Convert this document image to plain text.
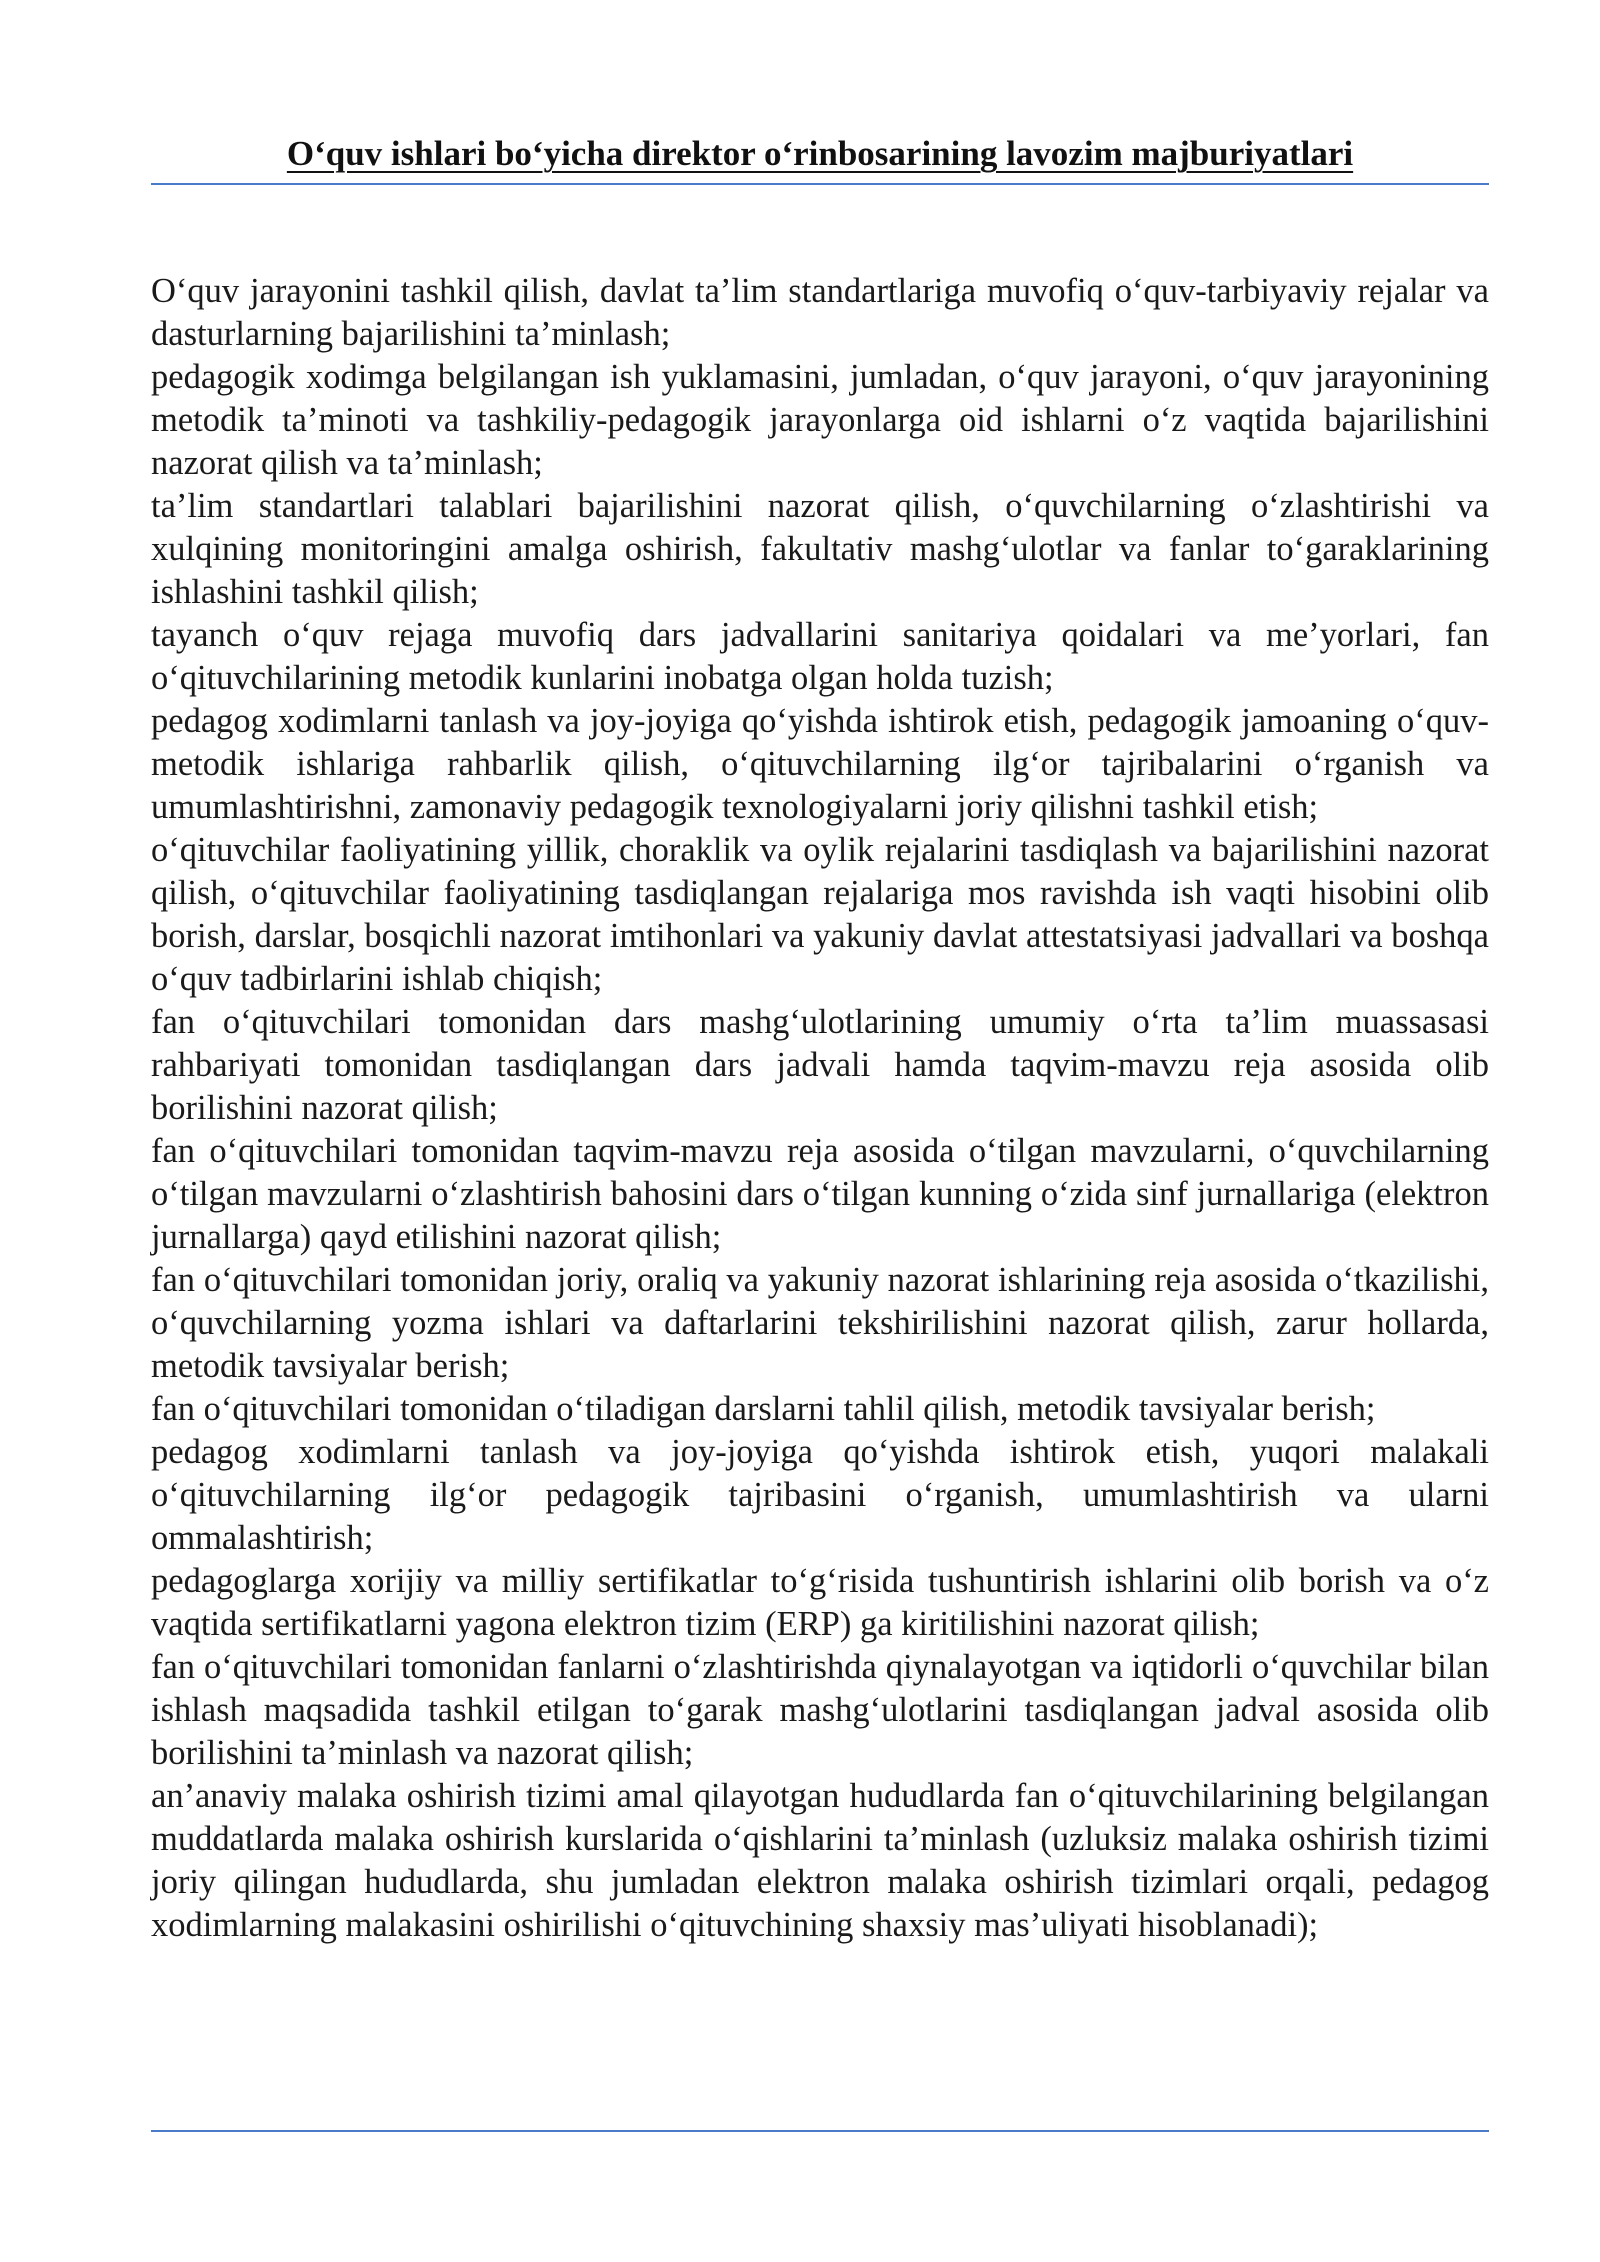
O‘quv ishlari bo‘yicha direktor o‘rinbosarining lavozim majburiyatlari

O‘quv jarayonini tashkil qilish, davlat ta’lim standartlariga muvofiq o‘quv-tarbiyaviy rejalar va dasturlarning bajarilishini ta’minlash;

pedagogik xodimga belgilangan ish yuklamasini, jumladan, o‘quv jarayoni, o‘quv jarayonining metodik ta’minoti va tashkiliy-pedagogik jarayonlarga oid ishlarni o‘z vaqtida bajarilishini nazorat qilish va ta’minlash;

ta’lim standartlari talablari bajarilishini nazorat qilish, o‘quvchilarning o‘zlashtirishi va xulqining monitoringini amalga oshirish, fakultativ mashg‘ulotlar va fanlar to‘garaklarining ishlashini tashkil qilish;

tayanch o‘quv rejaga muvofiq dars jadvallarini sanitariya qoidalari va me’yorlari, fan o‘qituvchilarining metodik kunlarini inobatga olgan holda tuzish;

pedagog xodimlarni tanlash va joy-joyiga qo‘yishda ishtirok etish, pedagogik jamoaning o‘quv-metodik ishlariga rahbarlik qilish, o‘qituvchilarning ilg‘or tajribalarini o‘rganish va umumlashtirishni, zamonaviy pedagogik texnologiyalarni joriy qilishni tashkil etish;

o‘qituvchilar faoliyatining yillik, choraklik va oylik rejalarini tasdiqlash va bajarilishini nazorat qilish, o‘qituvchilar faoliyatining tasdiqlangan rejalariga mos ravishda ish vaqti hisobini olib borish, darslar, bosqichli nazorat imtihonlari va yakuniy davlat attestatsiyasi jadvallari va boshqa o‘quv tadbirlarini ishlab chiqish;

fan o‘qituvchilari tomonidan dars mashg‘ulotlarining umumiy o‘rta ta’lim muassasasi rahbariyati tomonidan tasdiqlangan dars jadvali hamda taqvim-mavzu reja asosida olib borilishini nazorat qilish;

fan o‘qituvchilari tomonidan taqvim-mavzu reja asosida o‘tilgan mavzularni, o‘quvchilarning o‘tilgan mavzularni o‘zlashtirish bahosini dars o‘tilgan kunning o‘zida sinf jurnallariga (elektron jurnallarga) qayd etilishini nazorat qilish;

fan o‘qituvchilari tomonidan joriy, oraliq va yakuniy nazorat ishlarining reja asosida o‘tkazilishi, o‘quvchilarning yozma ishlari va daftarlarini tekshirilishini nazorat qilish, zarur hollarda, metodik tavsiyalar berish;

fan o‘qituvchilari tomonidan o‘tiladigan darslarni tahlil qilish, metodik tavsiyalar berish;

pedagog xodimlarni tanlash va joy-joyiga qo‘yishda ishtirok etish, yuqori malakali o‘qituvchilarning ilg‘or pedagogik tajribasini o‘rganish, umumlashtirish va ularni ommalashtirish;

pedagoglarga xorijiy va milliy sertifikatlar to‘g‘risida tushuntirish ishlarini olib borish va o‘z vaqtida sertifikatlarni yagona elektron tizim (ERP) ga kiritilishini nazorat qilish;

fan o‘qituvchilari tomonidan fanlarni o‘zlashtirishda qiynalayotgan va iqtidorli o‘quvchilar bilan ishlash maqsadida tashkil etilgan to‘garak mashg‘ulotlarini tasdiqlangan jadval asosida olib borilishini ta’minlash va nazorat qilish;

an’anaviy malaka oshirish tizimi amal qilayotgan hududlarda fan o‘qituvchilarining belgilangan muddatlarda malaka oshirish kurslarida o‘qishlarini ta’minlash (uzluksiz malaka oshirish tizimi joriy qilingan hududlarda, shu jumladan elektron malaka oshirish tizimlari orqali, pedagog xodimlarning malakasini oshirilishi o‘qituvchining shaxsiy mas’uliyati hisoblanadi);
